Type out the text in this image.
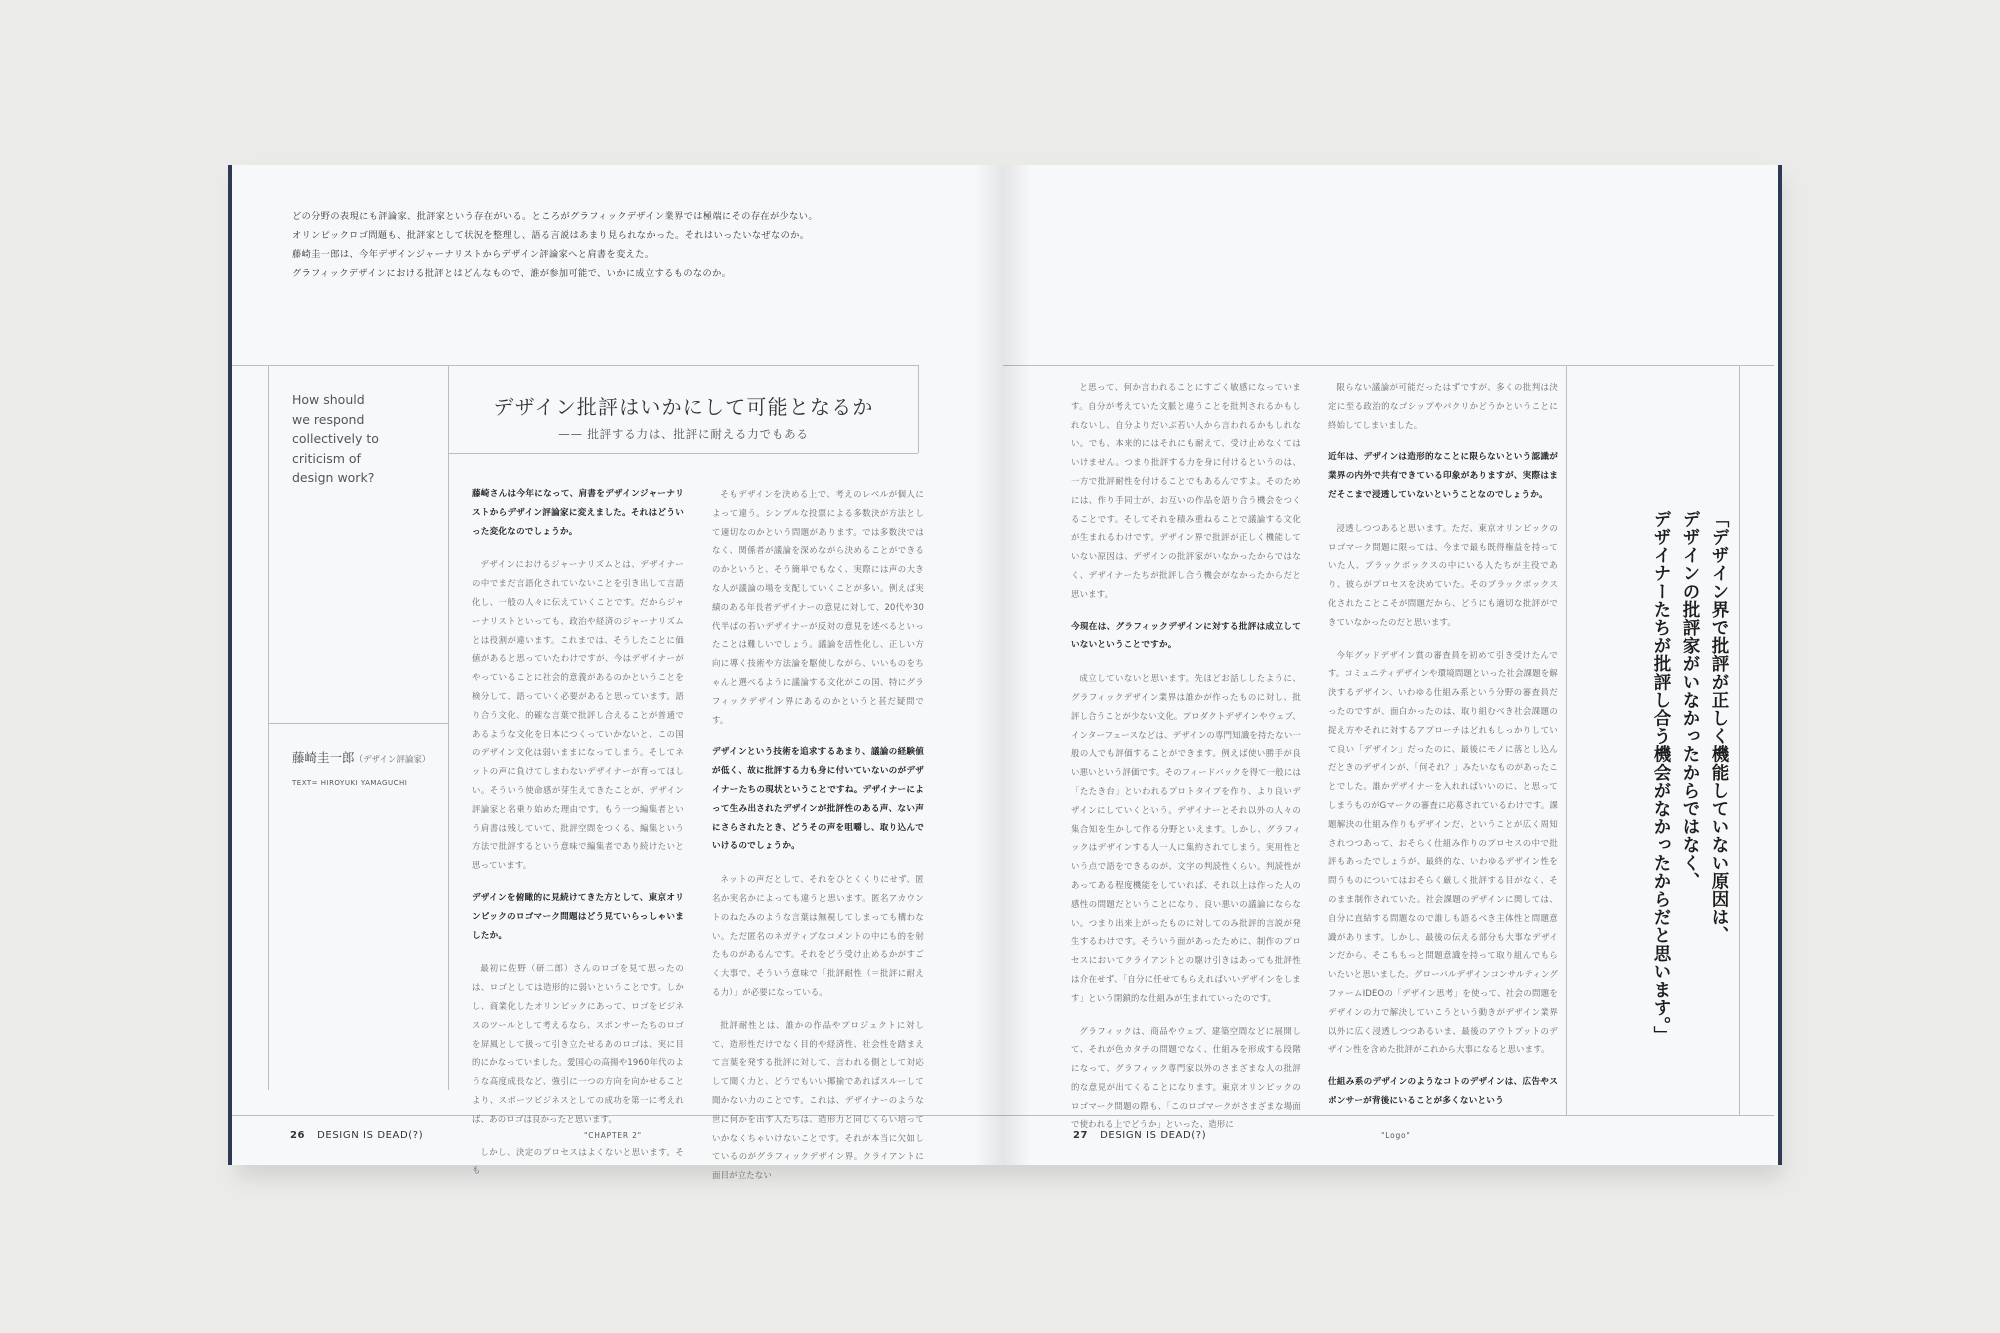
どの分野の表現にも評論家、批評家という存在がいる。ところがグラフィックデザイン業界では極端にその存在が少ない。
オリンピックロゴ問題も、批評家として状況を整理し、語る言説はあまり見られなかった。それはいったいなぜなのか。
藤崎圭一郎は、今年デザインジャーナリストからデザイン評論家へと肩書を変えた。
グラフィックデザインにおける批評とはどんなもので、誰が参加可能で、いかに成立するものなのか。
How should
we respond
collectively to
criticism of
design work?
藤崎圭一郎（デザイン評論家）
TEXT= HIROYUKI YAMAGUCHI
デザイン批評はいかにして可能となるか
—— 批評する力は、批評に耐える力でもある

藤崎さんは今年になって、肩書をデザインジャーナリストからデザイン評論家に変えました。それはどういった変化なのでしょうか。

デザインにおけるジャーナリズムとは、デザイナーの中でまだ言語化されていないことを引き出して言語化し、一般の人々に伝えていくことです。だからジャーナリストといっても、政治や経済のジャーナリズムとは役割が違います。これまでは、そうしたことに価値があると思っていたわけですが、今はデザイナーがやっていることに社会的意義があるのかということを検分して、語っていく必要があると思っています。語り合う文化、的確な言葉で批評し合えることが普通であるような文化を日本につくっていかないと、この国のデザイン文化は弱いままになってしまう。そしてネットの声に負けてしまわないデザイナーが育ってほしい。そういう使命感が芽生えてきたことが、デザイン評論家と名乗り始めた理由です。もう一つ編集者という肩書は残していて、批評空間をつくる、編集という方法で批評するという意味で編集者であり続けたいと思っています。

デザインを俯瞰的に見続けてきた方として、東京オリンピックのロゴマーク問題はどう見ていらっしゃいましたか。

最初に佐野（研二郎）さんのロゴを見て思ったのは、ロゴとしては造形的に弱いということです。しかし、商業化したオリンピックにあって、ロゴをビジネスのツールとして考えるなら、スポンサーたちのロゴを屏風として扱って引き立たせるあのロゴは、実に目的にかなっていました。愛国心の高揚や1960年代のような高度成長など、強引に一つの方向を向かせることより、スポーツビジネスとしての成功を第一に考えれば、あのロゴは良かったと思います。

しかし、決定のプロセスはよくないと思います。そも

そもデザインを決める上で、考えのレベルが個人によって違う。シンプルな投票による多数決が方法として適切なのかという問題があります。では多数決ではなく、関係者が議論を深めながら決めることができるのかというと、そう簡単でもなく、実際には声の大きな人が議論の場を支配していくことが多い。例えば実績のある年長者デザイナーの意見に対して、20代や30代半ばの若いデザイナーが反対の意見を述べるといったことは難しいでしょう。議論を活性化し、正しい方向に導く技術や方法論を駆使しながら、いいものをちゃんと選べるように議論する文化がこの国、特にグラフィックデザイン界にあるのかというと甚だ疑問です。

デザインという技術を追求するあまり、議論の経験値が低く、故に批評する力も身に付いていないのがデザイナーたちの現状ということですね。デザイナーによって生み出されたデザインが批評性のある声、ない声にさらされたとき、どうその声を咀嚼し、取り込んでいけるのでしょうか。

ネットの声だとして、それをひとくくりにせず、匿名か実名かによっても違うと思います。匿名アカウントのねたみのような言葉は無視してしまっても構わない。ただ匿名のネガティブなコメントの中にも的を射たものがあるんです。それをどう受け止めるかがすごく大事で、そういう意味で「批評耐性（＝批評に耐える力）」が必要になっている。

批評耐性とは、誰かの作品やプロジェクトに対して、造形性だけでなく目的や経済性、社会性を踏まえて言葉を発する批評に対して、言われる側として対応して聞く力と、どうでもいい揶揄であればスルーして聞かない力のことです。これは、デザイナーのような世に何かを出す人たちは、造形力と同じくらい培っていかなくちゃいけないことです。それが本当に欠如しているのがグラフィックデザイン界。クライアントに面目が立たない

26 DESIGN IS DEAD(?)	"CHAPTER 2"

と思って、何か言われることにすごく敏感になっています。自分が考えていた文脈と違うことを批判されるかもしれないし、自分よりだいぶ若い人から言われるかもしれない。でも、本来的にはそれにも耐えて、受け止めなくてはいけません。つまり批評する力を身に付けるというのは、一方で批評耐性を付けることでもあるんですよ。そのためには、作り手同士が、お互いの作品を語り合う機会をつくることです。そしてそれを積み重ねることで議論する文化が生まれるわけです。デザイン界で批評が正しく機能していない原因は、デザインの批評家がいなかったからではなく、デザイナーたちが批評し合う機会がなかったからだと思います。

今現在は、グラフィックデザインに対する批評は成立していないということですか。

成立していないと思います。先ほどお話ししたように、グラフィックデザイン業界は誰かが作ったものに対し、批評し合うことが少ない文化。プロダクトデザインやウェブ、インターフェースなどは、デザインの専門知識を持たない一般の人でも評価することができます。例えば使い勝手が良い悪いという評価です。そのフィードバックを得て一般には「たたき台」といわれるプロトタイプを作り、より良いデザインにしていくという。デザイナーとそれ以外の人々の集合知を生かして作る分野といえます。しかし、グラフィックはデザインする人一人に集約されてしまう。実用性という点で語をできるのが、文字の判読性くらい。判読性があってある程度機能をしていれば、それ以上は作った人の感性の問題だということになり、良い悪いの議論にならない。つまり出来上がったものに対してのみ批評的言説が発生するわけです。そういう面があったために、制作のプロセスにおいてクライアントとの駆け引きはあっても批評性は介在せず、「自分に任せてもらえればいいデザインをします」という閉鎖的な仕組みが生まれていったのです。

グラフィックは、商品やウェブ、建築空間などに展開して、それが色カタチの問題でなく、仕組みを形成する段階になって、グラフィック専門家以外のさまざまな人の批評的な意見が出てくることになります。東京オリンピックのロゴマーク問題の際も、「このロゴマークがさまざまな場面で使われる上でどうか」といった、造形に

限らない議論が可能だったはずですが、多くの批判は決定に至る政治的なゴシップやパクリかどうかということに終始してしまいました。

近年は、デザインは造形的なことに限らないという認識が業界の内外で共有できている印象がありますが、実際はまだそこまで浸透していないということなのでしょうか。

浸透しつつあると思います。ただ、東京オリンピックのロゴマーク問題に限っては、今まで最も既得権益を持っていた人、ブラックボックスの中にいる人たちが主役であり、彼らがプロセスを決めていた。そのブラックボックス化されたことこそが問題だから、どうにも適切な批評ができていなかったのだと思います。

今年グッドデザイン賞の審査員を初めて引き受けたんです。コミュニティデザインや環境問題といった社会課題を解決するデザイン、いわゆる仕組み系という分野の審査員だったのですが、面白かったのは、取り組むべき社会課題の捉え方やそれに対するアプローチはどれもしっかりしていて良い「デザイン」だったのに、最後にモノに落とし込んだときのデザインが、「何それ？」みたいなものがあったことでした。誰かデザイナーを入れればいいのに、と思ってしまうものがGマークの審査に応募されているわけです。課題解決の仕組み作りもデザインだ、ということが広く周知されつつあって、おそらく仕組み作りのプロセスの中で批評もあったでしょうが、最終的な、いわゆるデザイン性を問うものについてはおそらく厳しく批評する目がなく、そのまま制作されていた。社会課題のデザインに関しては、自分に直結する問題なので誰しも語るべき主体性と問題意識があります。しかし、最後の伝える部分も大事なデザインだから、そこももっと問題意識を持って取り組んでもらいたいと思いました。グローバルデザインコンサルティングファームIDEOの「デザイン思考」を使って、社会の問題をデザインの力で解決していこうという動きがデザイン業界以外に広く浸透しつつあるいま、最後のアウトプットのデザイン性を含めた批評がこれから大事になると思います。

仕組み系のデザインのようなコトのデザインは、広告やスポンサーが背後にいることが多くないという

「デザイン界で批評が正しく機能していない原因は、
デザインの批評家がいなかったからではなく、
デザイナーたちが批評し合う機会がなかったからだと思います。」
27 DESIGN IS DEAD(?)	"Logo"
